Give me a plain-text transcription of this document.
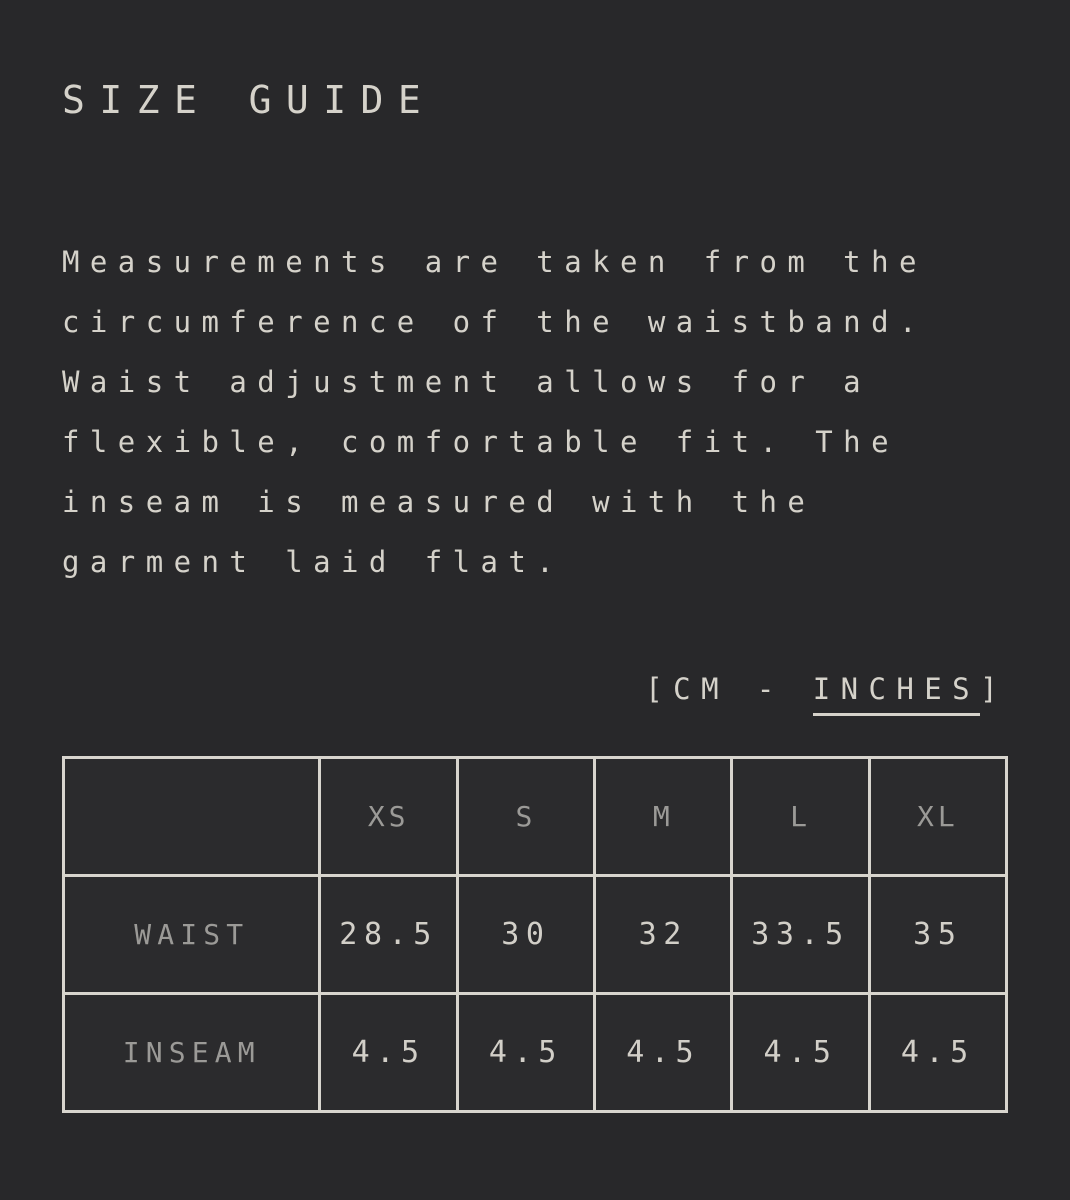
SIZE GUIDE
Measurements are taken from the
circumference of the waistband.
Waist adjustment allows for a
flexible, comfortable fit. The
inseam is measured with the
garment laid flat.
[CM - INCHES]
	XS	S	M	L	XL
WAIST	28.5	30	32	33.5	35
INSEAM	4.5	4.5	4.5	4.5	4.5
